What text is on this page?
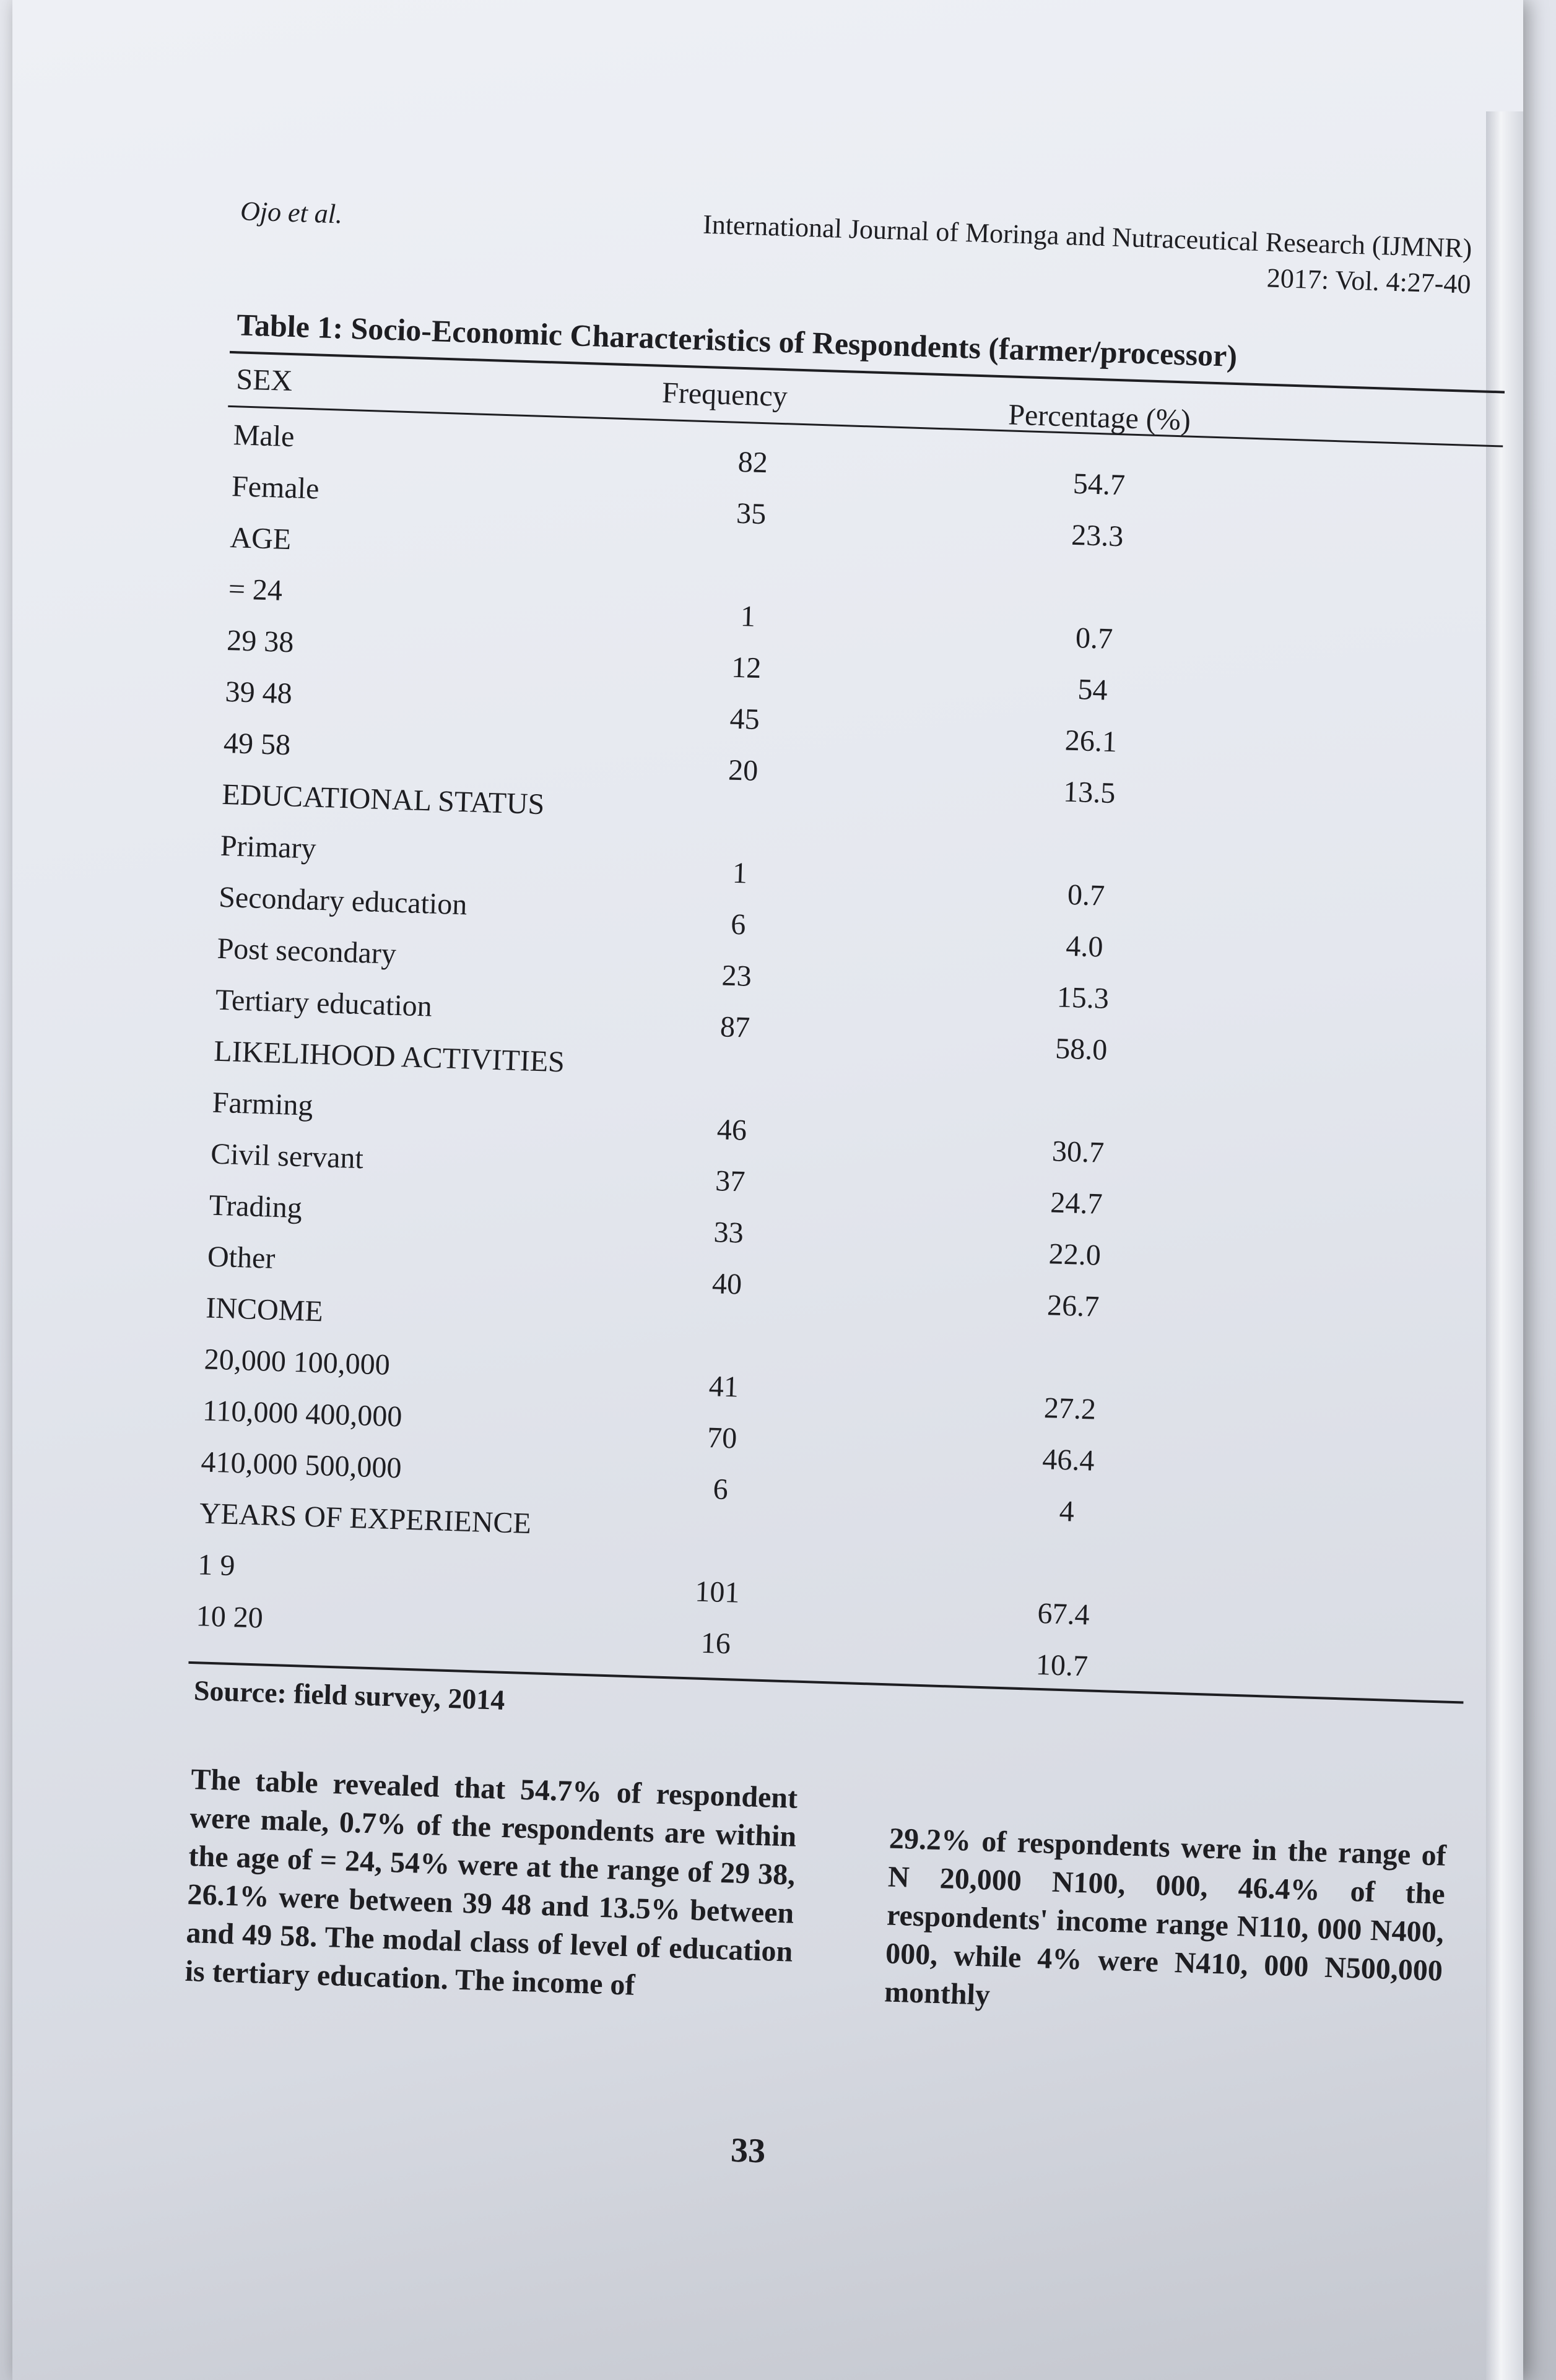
Ojo et al.	International Journal of Moringa and Nutraceutical Research (IJMNR)
2017: Vol. 4:27-40
Table 1: Socio-Economic Characteristics of Respondents (farmer/processor)
SEX	Frequency
Percentage (%)
Male
82
54.7
Female
35
23.3
AGE
= 24
1
0.7
29 38
12
54
39 48
45
26.1
49 58
20
13.5
EDUCATIONAL STATUS
Primary
1
0.7
Secondary education
6
4.0
Post secondary
23
15.3
Tertiary education
87
58.0
LIKELIHOOD ACTIVITIES
Farming
46
30.7
Civil servant
37
24.7
Trading
33
22.0
Other
40
26.7
INCOME
20,000 100,000
41
27.2
110,000 400,000
70
46.4
410,000 500,000
6
4
YEARS OF EXPERIENCE
1 9
101
67.4
10 20
16
10.7
Source: field survey, 2014
The table revealed that 54.7% of respondent were male, 0.7% of the respondents are within the age of = 24, 54% were at the range of 29 38, 26.1% were between 39 48 and 13.5% between and 49 58. The modal class of level of education is tertiary education. The income of
29.2% of respondents were in the range of N 20,000 N100, 000, 46.4% of the respondents' income range N110, 000 N400, 000, while 4% were N410, 000 N500,000 monthly
33
